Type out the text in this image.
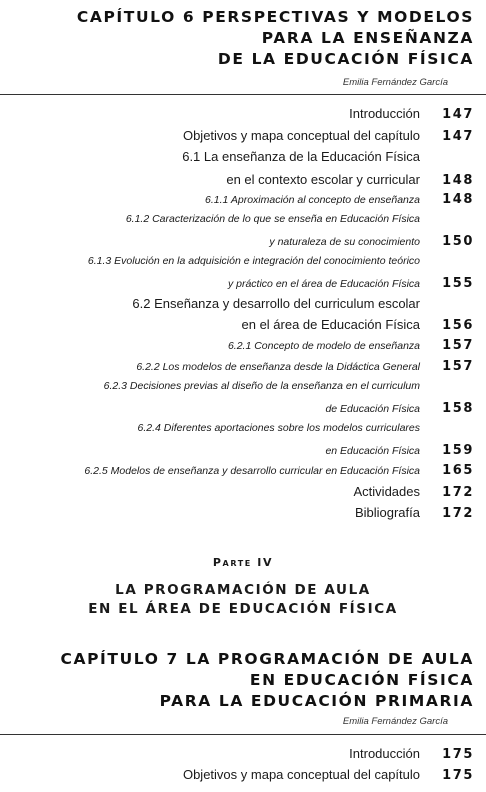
CAPÍTULO 6 PERSPECTIVAS Y MODELOS
PARA LA ENSEÑANZA
DE LA EDUCACIÓN FÍSICA
Emilia Fernández García
Introducción	147
Objetivos y mapa conceptual del capítulo	147
6.1 La enseñanza de la Educación Física
en el contexto escolar y curricular	148
6.1.1 Aproximación al concepto de enseñanza	148
6.1.2 Caracterización de lo que se enseña en Educación Física
y naturaleza de su conocimiento	150
6.1.3 Evolución en la adquisición e integración del conocimiento teórico
y práctico en el área de Educación Física	155
6.2 Enseñanza y desarrollo del curriculum escolar
en el área de Educación Física	156
6.2.1 Concepto de modelo de enseñanza	157
6.2.2 Los modelos de enseñanza desde la Didáctica General	157
6.2.3 Decisiones previas al diseño de la enseñanza en el curriculum
de Educación Física	158
6.2.4 Diferentes aportaciones sobre los modelos curriculares
en Educación Física	159
6.2.5 Modelos de enseñanza y desarrollo curricular en Educación Física	165
Actividades	172
Bibliografía	172
Parte IV
LA PROGRAMACIÓN DE AULA
EN EL ÁREA DE EDUCACIÓN FÍSICA
CAPÍTULO 7 LA PROGRAMACIÓN DE AULA
EN EDUCACIÓN FÍSICA
PARA LA EDUCACIÓN PRIMARIA
Emilia Fernández García
Introducción	175
Objetivos y mapa conceptual del capítulo	175
